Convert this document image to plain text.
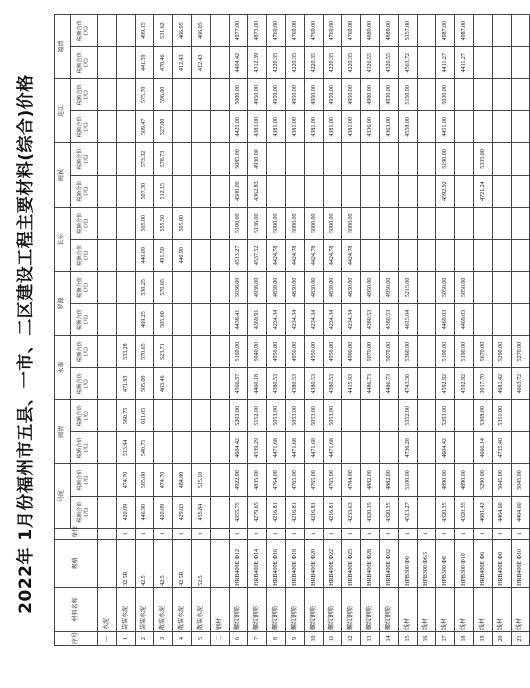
2022年 1月份福州市五县、一市、二区建设工程主要材料(综合)价格
序号	材料名称	规格	单位	马尾		闽清		永泰		罗源		长乐		闽侯		连江		福清	
				税额合价(元)	税额合价(元)	税额合价(元)	税额合价(元)	税额合价(元)	税额合价(元)	税额合价(元)	税额合价(元)	税额合价(元)	税额合价(元)	税额合价(元)	税额合价(元)	税额合价(元)	税额合价(元)	税额合价(元)	税额合价(元)
—	水泥																		
1	袋装水泥	32.5R	t	420.09	474.70	513.94	580.75	471.93	533.28										
2	袋装水泥	42.5	t	446.90	505.00	540.75	611.05	505.00	570.65	469.25	530.25	440.09	505.00	507.30	573.32	509.47	575.70	441.59	499.15
3	散装水泥	42.5	t	420.09	474.70			463.46	523.71	505.00	570.65	491.59	555.50	512.15	578.73	527.00	596.00	470.46	531.62
4	散装水泥	42.5R	t	429.03	484.80							446.90	505.00					412.43	466.05
5	散装水泥	52.5	t	455.84	515.10													412.43	466.05
二	钢材																		
6	螺纹钢筋	HRB400E Φ12	t	4355.75	4922.00	4604.42	5203.00	4566.37	5160.00	4438.41	5038.00	4513.27	5100.00	4500.00	5085.00	4425.00	5000.00	4404.42	4977.00
7	螺纹钢筋	HRB400E Φ14	t	4279.65	4835.00	4539.29	5152.00	4460.18	5040.00	4369.91	4938.00	4537.52	5136.00	4362.83	4930.00	4381.00	4950.00	4312.39	4873.00
8	螺纹钢筋	HRB400E Φ16	t	4216.81	4764.00	4471.68	5053.00	4380.53	4950.00	4234.34	4830.00	4424.78	5000.00			4381.00	4950.00	4220.35	4769.00
9	螺纹钢筋	HRB400E Φ18	t	4216.81	4765.00	4471.68	5053.00	4380.53	4950.00	4234.34	4830.00	4424.78	5000.00			4381.00	4950.00	4220.35	4769.00
10	螺纹钢筋	HRB400E Φ20	t	4216.81	4765.00	4471.68	5053.00	4380.53	4950.00	4234.34	4830.00	4424.78	5000.00			4381.00	4950.00	4220.35	4769.00
11	螺纹钢筋	HRB400E Φ22	t	4216.81	4765.00	4471.68	5053.00	4380.53	4950.00	4234.34	4830.00	4424.78	5000.00			4381.00	4950.00	4220.35	4769.00
12	螺纹钢筋	HRB400E Φ25	t	4233.63	4784.00			4415.93	4990.00	4234.34	4830.00	4424.78	5000.00			4381.00	4950.00	4220.35	4769.00
13	螺纹钢筋	HRB400E Φ28	t	4320.35	4882.00			4486.73	5070.00	4380.53	4950.00					4336.00	4900.00	4326.55	4889.00
14	螺纹钢筋	HRB400E Φ32	t	4320.35	4882.00			4486.73	5070.00	4380.53	4950.00					4363.00	4930.00	4326.55	4889.00
15	线材	HPB300 Φ6	t	4513.27	5100.00	4736.28	5352.00	4743.36	5360.00	4615.04	5215.00					4558.00	5150.00	4563.72	5157.00
16	线材	HPB300 Φ6.5	t																
17	线材	HPB300 Φ8	t	4320.35	4890.00	4604.42	5203.00	4592.92	5190.00	4469.03	5050.00			4592.92	5190.00	4451.00	5030.00	4411.27	4987.00
18	线材	HPB300 Φ10	t	4320.35	4890.00			4592.92	5190.00	4469.03	5050.00							4411.27	4987.00
19	线材	HRB400E Φ6	t	4681.42	5290.00	4666.14	5308.00	3017.70	5670.00					4721.24	5335.00				
20	线材	HRB400E Φ8	t	4464.60	5045.00	4735.40	5351.00	4681.42	5290.00										
21	线材	HRB400E Φ10	t	4464.60	5045.00			4663.72	5270.00										
